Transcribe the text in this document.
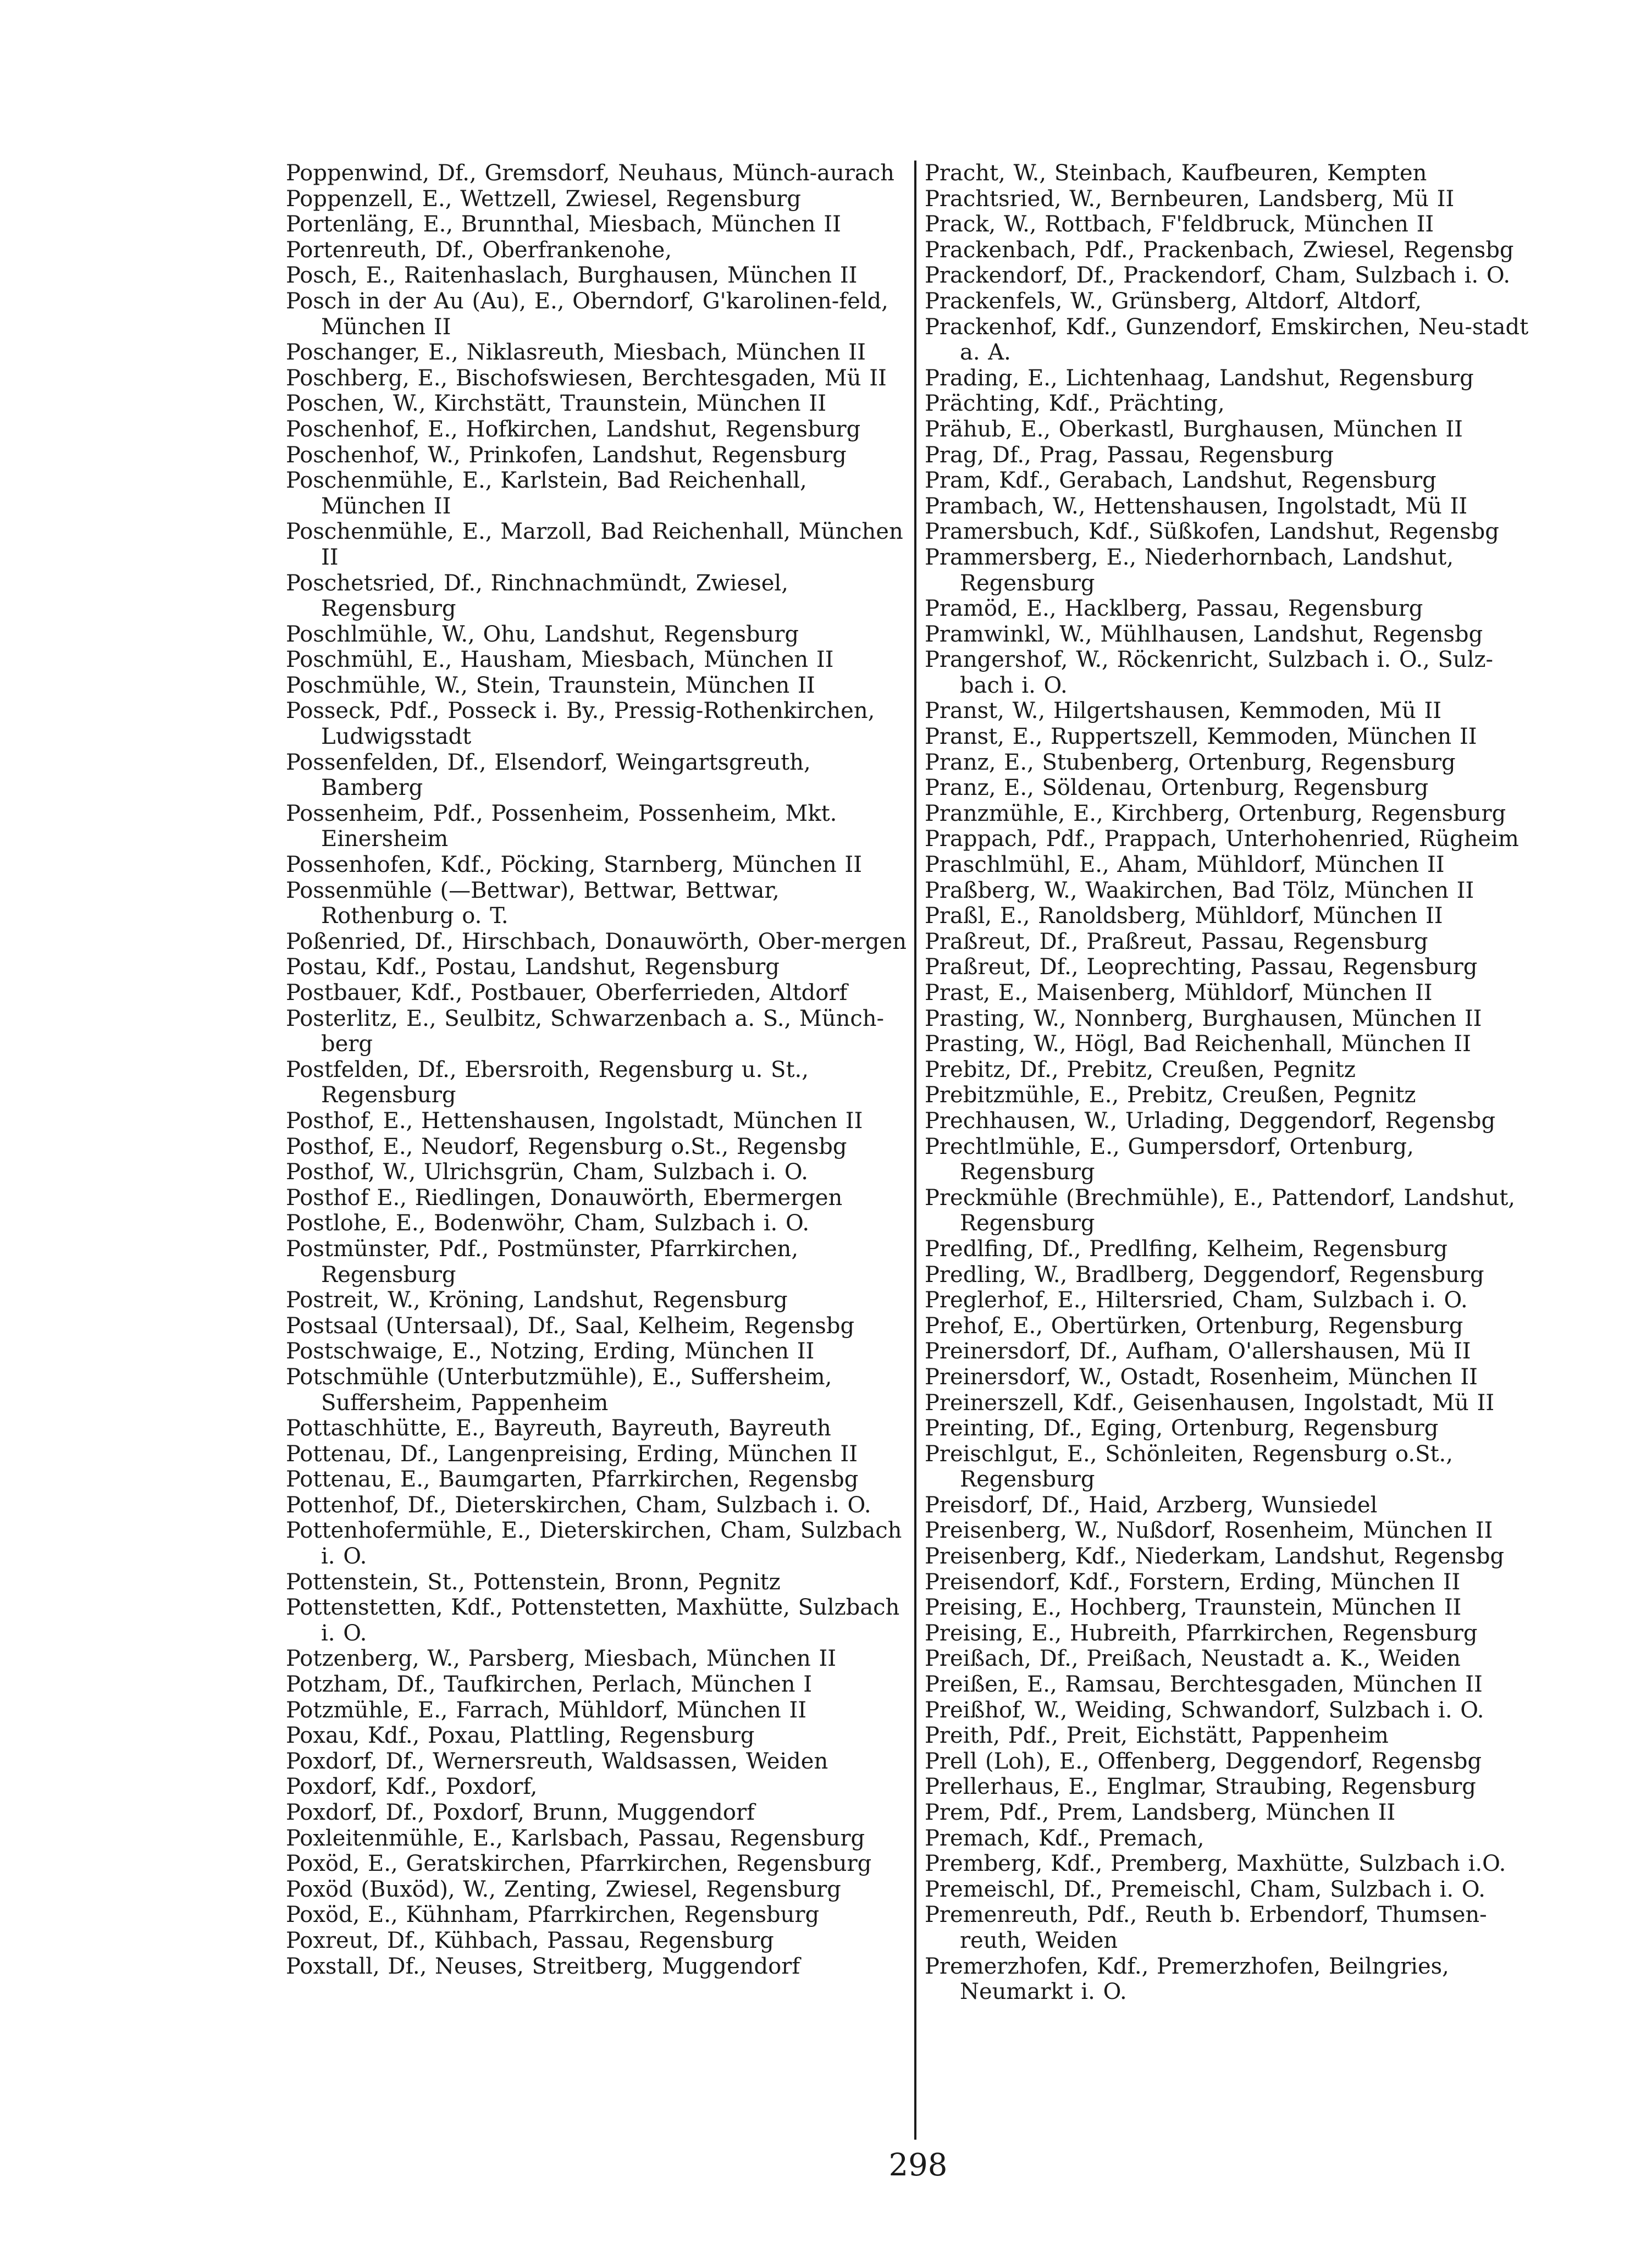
Poppenwind, Df., Gremsdorf, Neuhaus, Münch-aurach
Poppenzell, E., Wettzell, Zwiesel, Regensburg
Portenläng, E., Brunnthal, Miesbach, München II
Portenreuth, Df., Oberfrankenohe,
Posch, E., Raitenhaslach, Burghausen, München II
Posch in der Au (Au), E., Oberndorf, G'karolinen-feld, München II
Poschanger, E., Niklasreuth, Miesbach, München II
Poschberg, E., Bischofswiesen, Berchtesgaden, Mü II
Poschen, W., Kirchstätt, Traunstein, München II
Poschenhof, E., Hofkirchen, Landshut, Regensburg
Poschenhof, W., Prinkofen, Landshut, Regensburg
Poschenmühle, E., Karlstein, Bad Reichenhall, München II
Poschenmühle, E., Marzoll, Bad Reichenhall, München II
Poschetsried, Df., Rinchnachmündt, Zwiesel, Regensburg
Poschlmühle, W., Ohu, Landshut, Regensburg
Poschmühl, E., Hausham, Miesbach, München II
Poschmühle, W., Stein, Traunstein, München II
Posseck, Pdf., Posseck i. By., Pressig-Rothenkirchen, Ludwigsstadt
Possenfelden, Df., Elsendorf, Weingartsgreuth, Bamberg
Possenheim, Pdf., Possenheim, Possenheim, Mkt. Einersheim
Possenhofen, Kdf., Pöcking, Starnberg, München II
Possenmühle (—Bettwar), Bettwar, Bettwar, Rothenburg o. T.
Poßenried, Df., Hirschbach, Donauwörth, Ober-mergen
Postau, Kdf., Postau, Landshut, Regensburg
Postbauer, Kdf., Postbauer, Oberferrieden, Altdorf
Posterlitz, E., Seulbitz, Schwarzenbach a. S., Münch-berg
Postfelden, Df., Ebersroith, Regensburg u. St., Regensburg
Posthof, E., Hettenshausen, Ingolstadt, München II
Posthof, E., Neudorf, Regensburg o.St., Regensbg
Posthof, W., Ulrichsgrün, Cham, Sulzbach i. O.
Posthof E., Riedlingen, Donauwörth, Ebermergen
Postlohe, E., Bodenwöhr, Cham, Sulzbach i. O.
Postmünster, Pdf., Postmünster, Pfarrkirchen, Regensburg
Postreit, W., Kröning, Landshut, Regensburg
Postsaal (Untersaal), Df., Saal, Kelheim, Regensbg
Postschwaige, E., Notzing, Erding, München II
Potschmühle (Unterbutzmühle), E., Suffersheim, Suffersheim, Pappenheim
Pottaschhütte, E., Bayreuth, Bayreuth, Bayreuth
Pottenau, Df., Langenpreising, Erding, München II
Pottenau, E., Baumgarten, Pfarrkirchen, Regensbg
Pottenhof, Df., Dieterskirchen, Cham, Sulzbach i. O.
Pottenhofermühle, E., Dieterskirchen, Cham, Sulzbach i. O.
Pottenstein, St., Pottenstein, Bronn, Pegnitz
Pottenstetten, Kdf., Pottenstetten, Maxhütte, Sulzbach i. O.
Potzenberg, W., Parsberg, Miesbach, München II
Potzham, Df., Taufkirchen, Perlach, München I
Potzmühle, E., Farrach, Mühldorf, München II
Poxau, Kdf., Poxau, Plattling, Regensburg
Poxdorf, Df., Wernersreuth, Waldsassen, Weiden
Poxdorf, Kdf., Poxdorf,
Poxdorf, Df., Poxdorf, Brunn, Muggendorf
Poxleitenmühle, E., Karlsbach, Passau, Regensburg
Poxöd, E., Geratskirchen, Pfarrkirchen, Regensburg
Poxöd (Buxöd), W., Zenting, Zwiesel, Regensburg
Poxöd, E., Kühnham, Pfarrkirchen, Regensburg
Poxreut, Df., Kühbach, Passau, Regensburg
Poxstall, Df., Neuses, Streitberg, Muggendorf
Pracht, W., Steinbach, Kaufbeuren, Kempten
Prachtsried, W., Bernbeuren, Landsberg, Mü II
Prack, W., Rottbach, F'feldbruck, München II
Prackenbach, Pdf., Prackenbach, Zwiesel, Regensbg
Prackendorf, Df., Prackendorf, Cham, Sulzbach i. O.
Prackenfels, W., Grünsberg, Altdorf, Altdorf,
Prackenhof, Kdf., Gunzendorf, Emskirchen, Neu-stadt a. A.
Prading, E., Lichtenhaag, Landshut, Regensburg
Prächting, Kdf., Prächting,
Prähub, E., Oberkastl, Burghausen, München II
Prag, Df., Prag, Passau, Regensburg
Pram, Kdf., Gerabach, Landshut, Regensburg
Prambach, W., Hettenshausen, Ingolstadt, Mü II
Pramersbuch, Kdf., Süßkofen, Landshut, Regensbg
Prammersberg, E., Niederhornbach, Landshut, Regensburg
Pramöd, E., Hacklberg, Passau, Regensburg
Pramwinkl, W., Mühlhausen, Landshut, Regensbg
Prangershof, W., Röckenricht, Sulzbach i. O., Sulz-bach i. O.
Pranst, W., Hilgertshausen, Kemmoden, Mü II
Pranst, E., Ruppertszell, Kemmoden, München II
Pranz, E., Stubenberg, Ortenburg, Regensburg
Pranz, E., Söldenau, Ortenburg, Regensburg
Pranzmühle, E., Kirchberg, Ortenburg, Regensburg
Prappach, Pdf., Prappach, Unterhohenried, Rügheim
Praschlmühl, E., Aham, Mühldorf, München II
Praßberg, W., Waakirchen, Bad Tölz, München II
Praßl, E., Ranoldsberg, Mühldorf, München II
Praßreut, Df., Praßreut, Passau, Regensburg
Praßreut, Df., Leoprechting, Passau, Regensburg
Prast, E., Maisenberg, Mühldorf, München II
Prasting, W., Nonnberg, Burghausen, München II
Prasting, W., Högl, Bad Reichenhall, München II
Prebitz, Df., Prebitz, Creußen, Pegnitz
Prebitzmühle, E., Prebitz, Creußen, Pegnitz
Prechhausen, W., Urlading, Deggendorf, Regensbg
Prechtlmühle, E., Gumpersdorf, Ortenburg, Regensburg
Preckmühle (Brechmühle), E., Pattendorf, Landshut, Regensburg
Predlfing, Df., Predlfing, Kelheim, Regensburg
Predling, W., Bradlberg, Deggendorf, Regensburg
Preglerhof, E., Hiltersried, Cham, Sulzbach i. O.
Prehof, E., Obertürken, Ortenburg, Regensburg
Preinersdorf, Df., Aufham, O'allershausen, Mü II
Preinersdorf, W., Ostadt, Rosenheim, München II
Preinerszell, Kdf., Geisenhausen, Ingolstadt, Mü II
Preinting, Df., Eging, Ortenburg, Regensburg
Preischlgut, E., Schönleiten, Regensburg o.St., Regensburg
Preisdorf, Df., Haid, Arzberg, Wunsiedel
Preisenberg, W., Nußdorf, Rosenheim, München II
Preisenberg, Kdf., Niederkam, Landshut, Regensbg
Preisendorf, Kdf., Forstern, Erding, München II
Preising, E., Hochberg, Traunstein, München II
Preising, E., Hubreith, Pfarrkirchen, Regensburg
Preißach, Df., Preißach, Neustadt a. K., Weiden
Preißen, E., Ramsau, Berchtesgaden, München II
Preißhof, W., Weiding, Schwandorf, Sulzbach i. O.
Preith, Pdf., Preit, Eichstätt, Pappenheim
Prell (Loh), E., Offenberg, Deggendorf, Regensbg
Prellerhaus, E., Englmar, Straubing, Regensburg
Prem, Pdf., Prem, Landsberg, München II
Premach, Kdf., Premach,
Premberg, Kdf., Premberg, Maxhütte, Sulzbach i.O.
Premeischl, Df., Premeischl, Cham, Sulzbach i. O.
Premenreuth, Pdf., Reuth b. Erbendorf, Thumsen-reuth, Weiden
Premerzhofen, Kdf., Premerzhofen, Beilngries, Neumarkt i. O.
298
